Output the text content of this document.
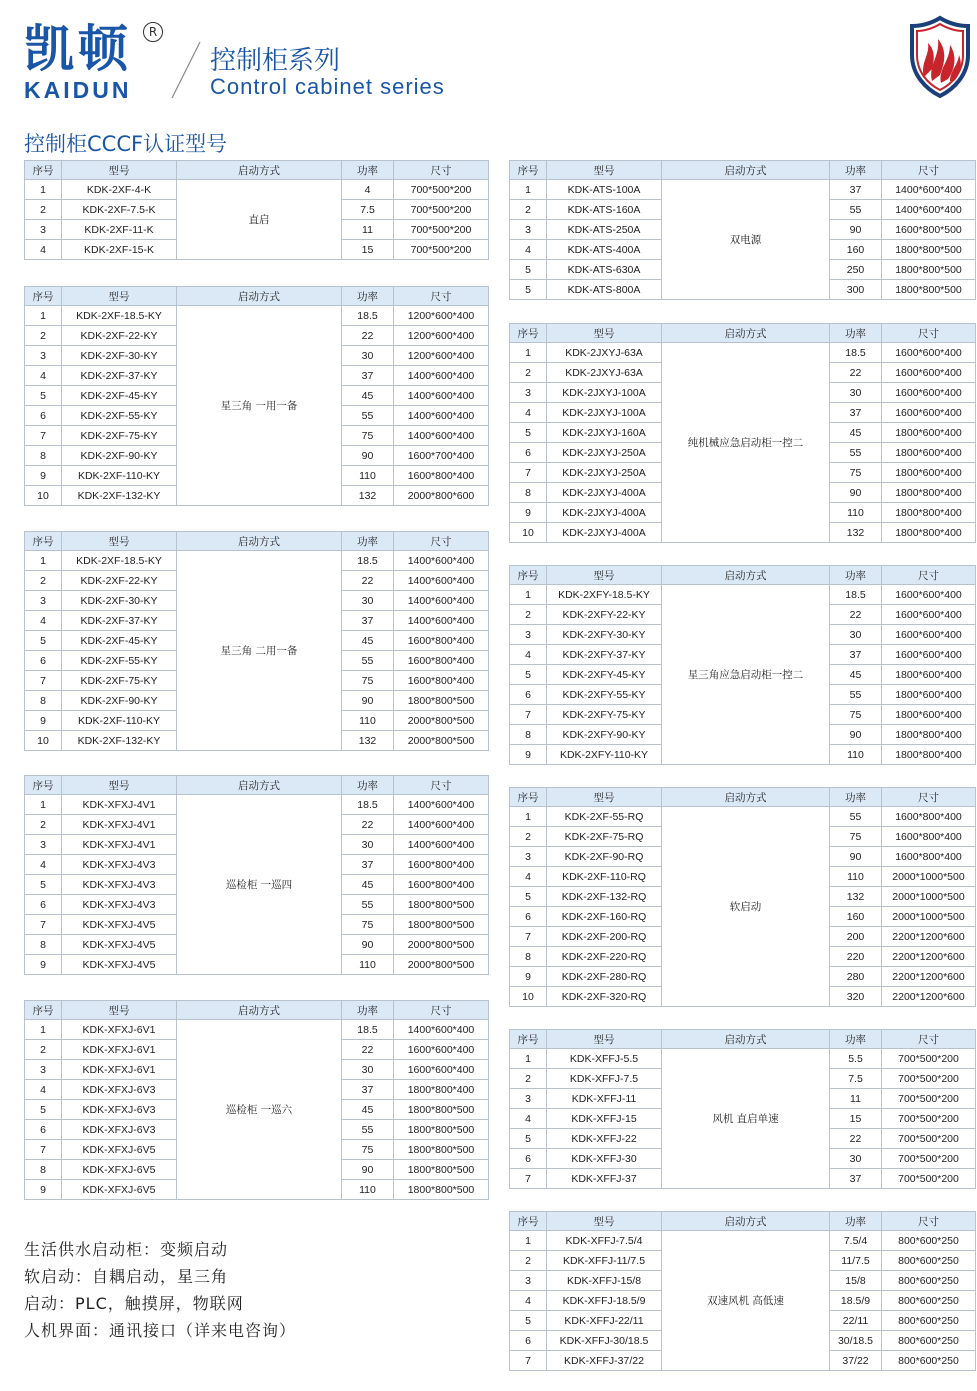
凯顿	R
KAIDUN
控制柜系列
Control cabinet series
控制柜CCCF认证型号
序号	型号	启动方式	功率	尺寸
1	KDK-2XF-4-K	直启	4	700*500*200
2	KDK-2XF-7.5-K		7.5	700*500*200
3	KDK-2XF-11-K		11	700*500*200
4	KDK-2XF-15-K		15	700*500*200
序号	型号	启动方式	功率	尺寸
1	KDK-2XF-18.5-KY	星三角 一用一备	18.5	1200*600*400
2	KDK-2XF-22-KY		22	1200*600*400
3	KDK-2XF-30-KY		30	1200*600*400
4	KDK-2XF-37-KY		37	1400*600*400
5	KDK-2XF-45-KY		45	1400*600*400
6	KDK-2XF-55-KY		55	1400*600*400
7	KDK-2XF-75-KY		75	1400*600*400
8	KDK-2XF-90-KY		90	1600*700*400
9	KDK-2XF-110-KY		110	1600*800*400
10	KDK-2XF-132-KY		132	2000*800*600
序号	型号	启动方式	功率	尺寸
1	KDK-2XF-18.5-KY	星三角 二用一备	18.5	1400*600*400
2	KDK-2XF-22-KY		22	1400*600*400
3	KDK-2XF-30-KY		30	1400*600*400
4	KDK-2XF-37-KY		37	1400*600*400
5	KDK-2XF-45-KY		45	1600*800*400
6	KDK-2XF-55-KY		55	1600*800*400
7	KDK-2XF-75-KY		75	1600*800*400
8	KDK-2XF-90-KY		90	1800*800*500
9	KDK-2XF-110-KY		110	2000*800*500
10	KDK-2XF-132-KY		132	2000*800*500
序号	型号	启动方式	功率	尺寸
1	KDK-XFXJ-4V1	巡检柜 一巡四	18.5	1400*600*400
2	KDK-XFXJ-4V1		22	1400*600*400
3	KDK-XFXJ-4V1		30	1400*600*400
4	KDK-XFXJ-4V3		37	1600*800*400
5	KDK-XFXJ-4V3		45	1600*800*400
6	KDK-XFXJ-4V3		55	1800*800*500
7	KDK-XFXJ-4V5		75	1800*800*500
8	KDK-XFXJ-4V5		90	2000*800*500
9	KDK-XFXJ-4V5		110	2000*800*500
序号	型号	启动方式	功率	尺寸
1	KDK-XFXJ-6V1	巡检柜 一巡六	18.5	1400*600*400
2	KDK-XFXJ-6V1		22	1600*600*400
3	KDK-XFXJ-6V1		30	1600*600*400
4	KDK-XFXJ-6V3		37	1800*800*400
5	KDK-XFXJ-6V3		45	1800*800*500
6	KDK-XFXJ-6V3		55	1800*800*500
7	KDK-XFXJ-6V5		75	1800*800*500
8	KDK-XFXJ-6V5		90	1800*800*500
9	KDK-XFXJ-6V5		110	1800*800*500
序号	型号	启动方式	功率	尺寸
1	KDK-ATS-100A	双电源	37	1400*600*400
2	KDK-ATS-160A		55	1400*600*400
3	KDK-ATS-250A		90	1600*800*500
4	KDK-ATS-400A		160	1800*800*500
5	KDK-ATS-630A		250	1800*800*500
5	KDK-ATS-800A		300	1800*800*500
序号	型号	启动方式	功率	尺寸
1	KDK-2JXYJ-63A	纯机械应急启动柜一控二	18.5	1600*600*400
2	KDK-2JXYJ-63A		22	1600*600*400
3	KDK-2JXYJ-100A		30	1600*600*400
4	KDK-2JXYJ-100A		37	1600*600*400
5	KDK-2JXYJ-160A		45	1800*600*400
6	KDK-2JXYJ-250A		55	1800*600*400
7	KDK-2JXYJ-250A		75	1800*600*400
8	KDK-2JXYJ-400A		90	1800*800*400
9	KDK-2JXYJ-400A		110	1800*800*400
10	KDK-2JXYJ-400A		132	1800*800*400
序号	型号	启动方式	功率	尺寸
1	KDK-2XFY-18.5-KY	星三角应急启动柜一控二	18.5	1600*600*400
2	KDK-2XFY-22-KY		22	1600*600*400
3	KDK-2XFY-30-KY		30	1600*600*400
4	KDK-2XFY-37-KY		37	1600*600*400
5	KDK-2XFY-45-KY		45	1800*600*400
6	KDK-2XFY-55-KY		55	1800*600*400
7	KDK-2XFY-75-KY		75	1800*600*400
8	KDK-2XFY-90-KY		90	1800*800*400
9	KDK-2XFY-110-KY		110	1800*800*400
序号	型号	启动方式	功率	尺寸
1	KDK-2XF-55-RQ	软启动	55	1600*800*400
2	KDK-2XF-75-RQ		75	1600*800*400
3	KDK-2XF-90-RQ		90	1600*800*400
4	KDK-2XF-110-RQ		110	2000*1000*500
5	KDK-2XF-132-RQ		132	2000*1000*500
6	KDK-2XF-160-RQ		160	2000*1000*500
7	KDK-2XF-200-RQ		200	2200*1200*600
8	KDK-2XF-220-RQ		220	2200*1200*600
9	KDK-2XF-280-RQ		280	2200*1200*600
10	KDK-2XF-320-RQ		320	2200*1200*600
序号	型号	启动方式	功率	尺寸
1	KDK-XFFJ-5.5	风机 直启单速	5.5	700*500*200
2	KDK-XFFJ-7.5		7.5	700*500*200
3	KDK-XFFJ-11		11	700*500*200
4	KDK-XFFJ-15		15	700*500*200
5	KDK-XFFJ-22		22	700*500*200
6	KDK-XFFJ-30		30	700*500*200
7	KDK-XFFJ-37		37	700*500*200
序号	型号	启动方式	功率	尺寸
1	KDK-XFFJ-7.5/4	双速风机 高低速	7.5/4	800*600*250
2	KDK-XFFJ-11/7.5		11/7.5	800*600*250
3	KDK-XFFJ-15/8		15/8	800*600*250
4	KDK-XFFJ-18.5/9		18.5/9	800*600*250
5	KDK-XFFJ-22/11		22/11	800*600*250
6	KDK-XFFJ-30/18.5		30/18.5	800*600*250
7	KDK-XFFJ-37/22		37/22	800*600*250
生活供水启动柜：变频启动
软启动：自耦启动，星三角
启动：PLC，触摸屏，物联网
人机界面：通讯接口（详来电咨询）
